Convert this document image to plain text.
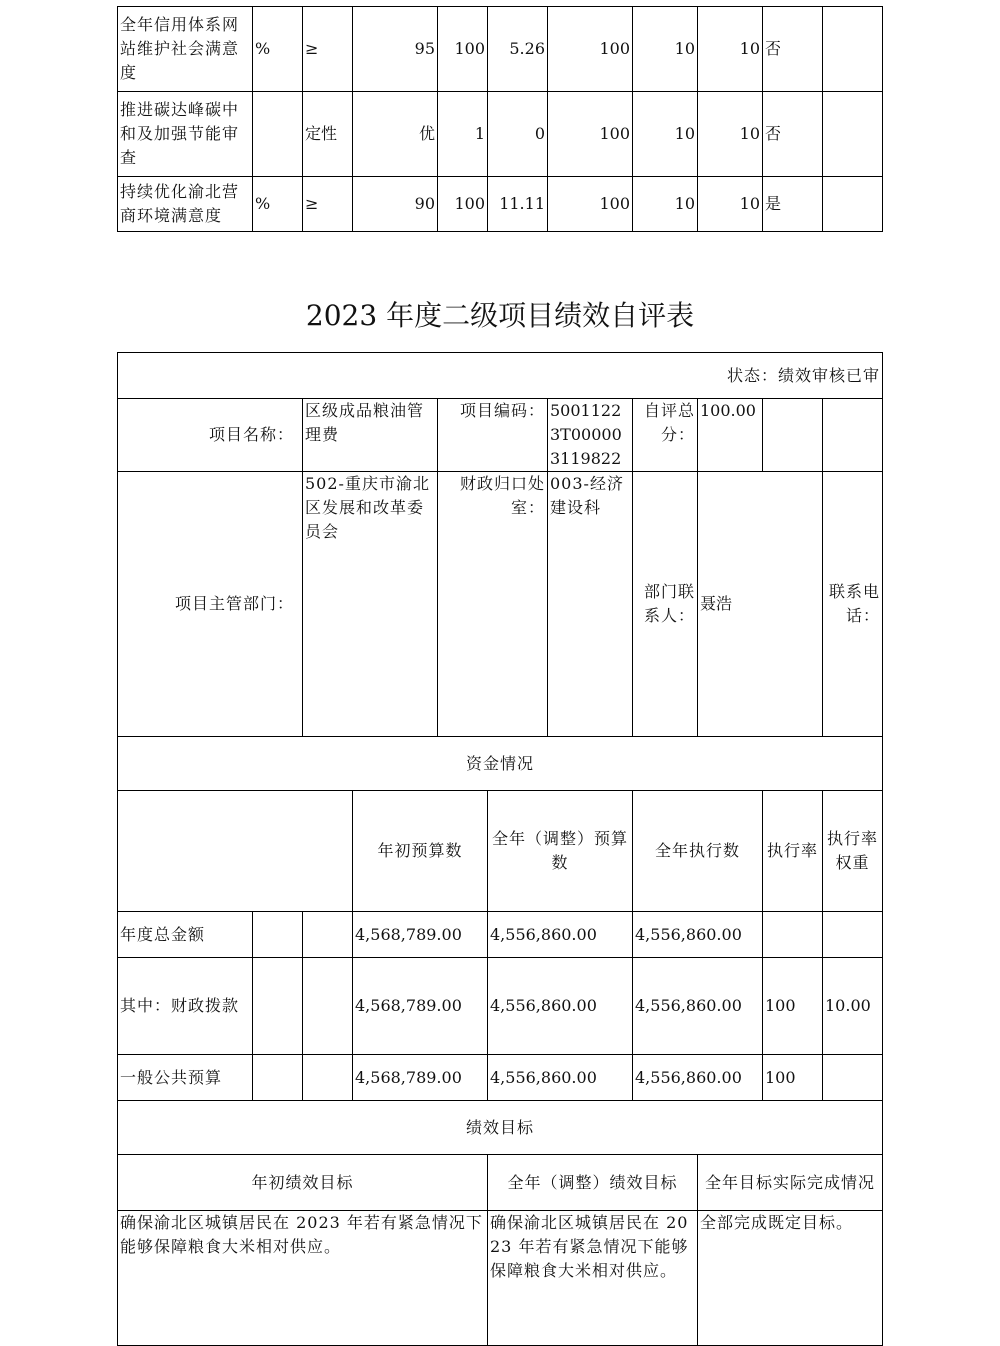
全年信用体系网站维护社会满意度	%	≥	95	100	5.26	100	10	10	否	
推进碳达峰碳中和及加强节能审查		定性	优	1	0	100	10	10	否	
持续优化渝北营商环境满意度	%	≥	90	100	11.11	100	10	10	是	
2023 年度二级项目绩效自评表
状态：绩效审核已审											
项目名称：		区级成品粮油管理费		项目编码：		50011223T000003119822	自评总分：	100.00			
项目主管部门：		502-重庆市渝北区发展和改革委员会		财政归口处室：		003-经济建设科	部门联系人：	聂浩		联系电话：	
资金情况											
			年初预算数		全年（调整）预算数		全年执行数		执行率	执行率权重	
年度总金额			4,568,789.00		4,556,860.00		4,556,860.00				
其中：财政拨款			4,568,789.00		4,556,860.00		4,556,860.00		100	10.00	
一般公共预算			4,568,789.00		4,556,860.00		4,556,860.00		100		
绩效目标											
年初绩效目标					全年（调整）绩效目标			全年目标实际完成情况			
确保渝北区城镇居民在 2023 年若有紧急情况下能够保障粮食大米相对供应。					确保渝北区城镇居民在 2023 年若有紧急情况下能够保障粮食大米相对供应。			全部完成既定目标。			
